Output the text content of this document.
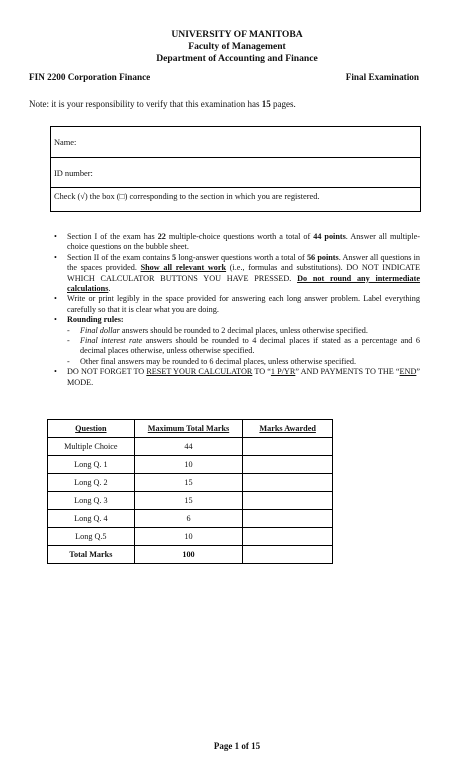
UNIVERSITY OF MANITOBA
Faculty of Management
Department of Accounting and Finance
FIN 2200 Corporation Finance	Final Examination
Note: it is your responsibility to verify that this examination has 15 pages.
Name:
ID number:
Check (√) the box (□) corresponding to the section in which you are registered.
• Section I of the exam has 22 multiple-choice questions worth a total of 44 points. Answer all multiple-choice questions on the bubble sheet.
• Section II of the exam contains 5 long-answer questions worth a total of 56 points. Answer all questions in the spaces provided. Show all relevant work (i.e., formulas and substitutions). DO NOT INDICATE WHICH CALCULATOR BUTTONS YOU HAVE PRESSED. Do not round any intermediate calculations.
• Write or print legibly in the space provided for answering each long answer problem. Label everything carefully so that it is clear what you are doing.
• Rounding rules:
- Final dollar answers should be rounded to 2 decimal places, unless otherwise specified.
- Final interest rate answers should be rounded to 4 decimal places if stated as a percentage and 6 decimal places otherwise, unless otherwise specified.
- Other final answers may be rounded to 6 decimal places, unless otherwise specified.
• DO NOT FORGET TO RESET YOUR CALCULATOR TO “1 P/YR” AND PAYMENTS TO THE “END” MODE.
Question	Maximum Total Marks	Marks Awarded
Multiple Choice	44	
Long Q. 1	10	
Long Q. 2	15	
Long Q. 3	15	
Long Q. 4	6	
Long Q.5	10	
Total Marks	100	
Page 1 of 15
